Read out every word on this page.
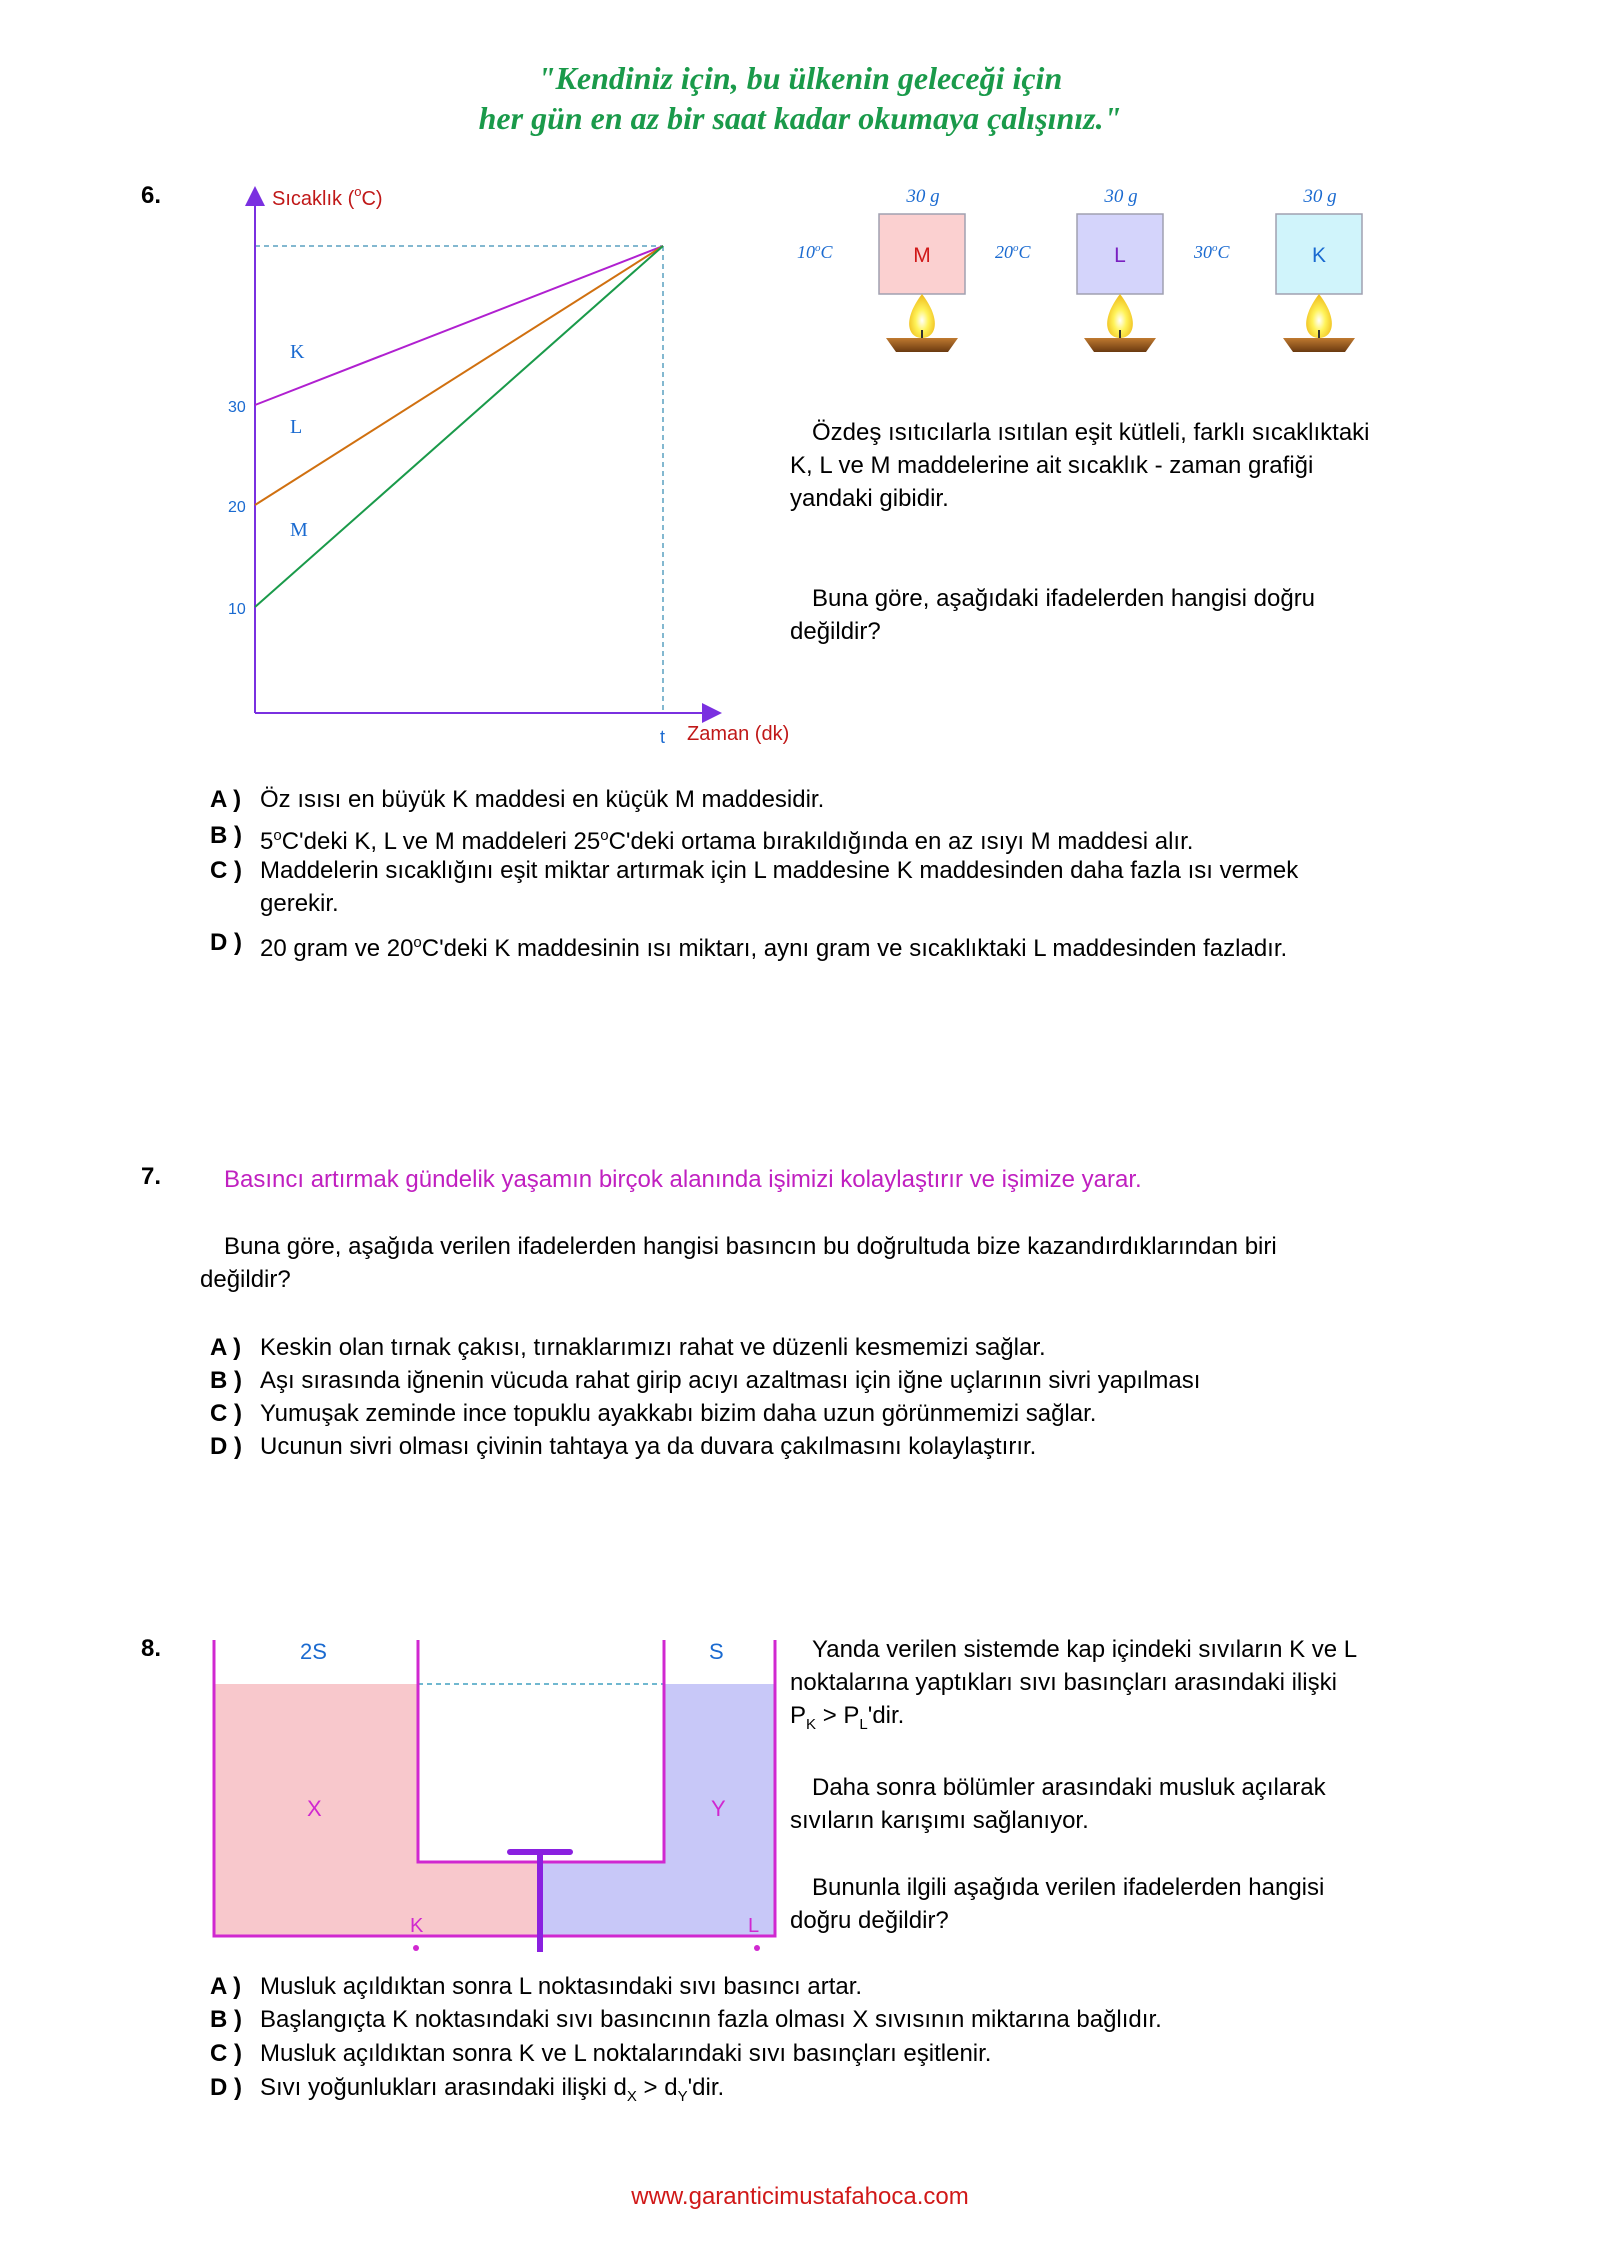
"Kendiniz için, bu ülkenin geleceği için
her gün en az bir saat kadar okumaya çalışınız."
6.	Sıcaklık ($^o$C)
Zaman (dk)
t
30
20
10
K
L
M
30 g
10$^o$C	M
30 g
20$^o$C	L
30 g
30$^o$C	K
Özdeş ısıtıcılarla ısıtılan eşit kütleli, farklı sıcaklıktaki
K, L ve M maddelerine ait sıcaklık - zaman grafiği
yandaki gibidir.
Buna göre, aşağıdaki ifadelerden hangisi doğru
değildir?
A ) Öz ısısı en büyük K maddesi en küçük M maddesidir.
B ) 5$^o$C'deki K, L ve M maddeleri 25$^o$C'deki ortama bırakıldığında en az ısıyı M maddesi alır.
C ) Maddelerin sıcaklığını eşit miktar artırmak için L maddesine K maddesinden daha fazla ısı vermek
gerekir.
D ) 20 gram ve 20$^o$C'deki K maddesinin ısı miktarı, aynı gram ve sıcaklıktaki L maddesinden fazladır.
7.	Basıncı artırmak gündelik yaşamın birçok alanında işimizi kolaylaştırır ve işimize yarar.
Buna göre, aşağıda verilen ifadelerden hangisi basıncın bu doğrultuda bize kazandırdıklarından biri
değildir?
A ) Keskin olan tırnak çakısı, tırnaklarımızı rahat ve düzenli kesmemizi sağlar.
B ) Aşı sırasında iğnenin vücuda rahat girip acıyı azaltması için iğne uçlarının sivri yapılması
C ) Yumuşak zeminde ince topuklu ayakkabı bizim daha uzun görünmemizi sağlar.
D ) Ucunun sivri olması çivinin tahtaya ya da duvara çakılmasını kolaylaştırır.
8.	2S	S
X	Y
K	L
Yanda verilen sistemde kap içindeki sıvıların K ve L
noktalarına yaptıkları sıvı basınçları arasındaki ilişki
$P_K > P_L'dir$.
Daha sonra bölümler arasındaki musluk açılarak
sıvıların karışımı sağlanıyor.
Bununla ilgili aşağıda verilen ifadelerden hangisi
doğru değildir?
A ) Musluk açıldıktan sonra L noktasındaki sıvı basıncı artar.
B ) Başlangıçta K noktasındaki sıvı basıncının fazla olması X sıvısının miktarına bağlıdır.
C ) Musluk açıldıktan sonra K ve L noktalarındaki sıvı basınçları eşitlenir.
D ) Sıvı yoğunlukları arasındaki ilişki $d_X > d_Y'dir$.
www.garanticimustafahoca.com
